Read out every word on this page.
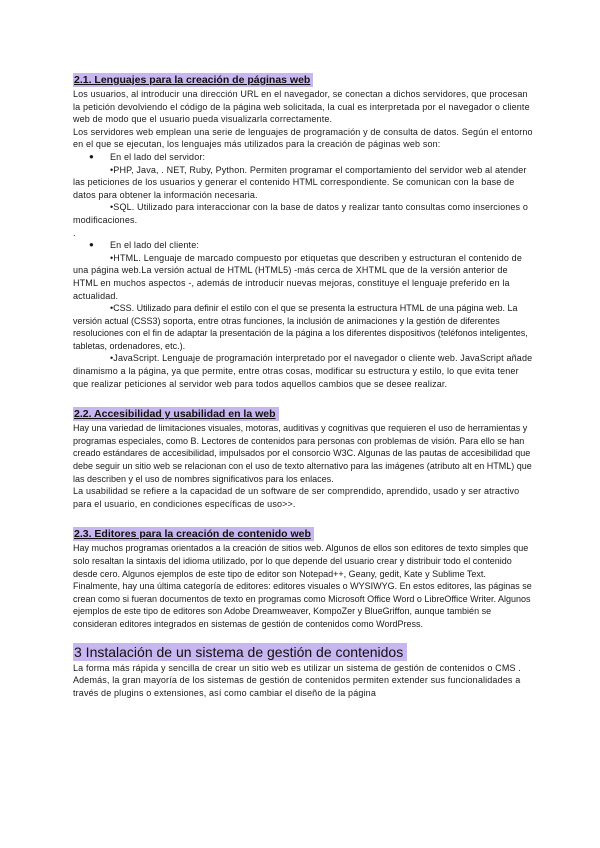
2.1. Lenguajes para la creación de páginas web

Los usuarios, al introducir una dirección URL en el navegador, se conectan a dichos servidores, que procesan la petición devolviendo el código de la página web solicitada, la cual es interpretada por el navegador o cliente web de modo que el usuario pueda visualizarla correctamente.

Los servidores web emplean una serie de lenguajes de programación y de consulta de datos. Según el entorno en el que se ejecutan, los lenguajes más utilizados para la creación de páginas web son:

● En el lado del servidor:

•PHP, Java, . NET, Ruby, Python. Permiten programar el comportamiento del servidor web al atender las peticiones de los usuarios y generar el contenido HTML correspondiente. Se comunican con la base de datos para obtener la información necesaria.

•SQL. Utilizado para interaccionar con la base de datos y realizar tanto consultas como inserciones o modificaciones.

.

● En el lado del cliente:

•HTML. Lenguaje de marcado compuesto por etiquetas que describen y estructuran el contenido de una página web.La versión actual de HTML (HTML5) -más cerca de XHTML que de la versión anterior de HTML en muchos aspectos -, además de introducir nuevas mejoras, constituye el lenguaje preferido en la actualidad.

•CSS. Utilizado para definir el estilo con el que se presenta la estructura HTML de una página web. La versión actual (CSS3) soporta, entre otras funciones, la inclusión de animaciones y la gestión de diferentes resoluciones con el fin de adaptar la presentación de la página a los diferentes dispositivos (teléfonos inteligentes, tabletas, ordenadores, etc.).

•JavaScript. Lenguaje de programación interpretado por el navegador o cliente web. JavaScript añade dinamismo a la página, ya que permite, entre otras cosas, modificar su estructura y estilo, lo que evita tener que realizar peticiones al servidor web para todos aquellos cambios que se desee realizar.

2.2. Accesibilidad y usabilidad en la web

Hay una variedad de limitaciones visuales, motoras, auditivas y cognitivas que requieren el uso de herramientas y programas especiales, como B. Lectores de contenidos para personas con problemas de visión. Para ello se han creado estándares de accesibilidad, impulsados por el consorcio W3C. Algunas de las pautas de accesibilidad que debe seguir un sitio web se relacionan con el uso de texto alternativo para las imágenes (atributo alt en HTML) que las describen y el uso de nombres significativos para los enlaces.

La usabilidad se refiere a la capacidad de un software de ser comprendido, aprendido, usado y ser atractivo para el usuario, en condiciones específicas de uso>>.

2.3. Editores para la creación de contenido web

Hay muchos programas orientados a la creación de sitios web. Algunos de ellos son editores de texto simples que solo resaltan la sintaxis del idioma utilizado, por lo que depende del usuario crear y distribuir todo el contenido desde cero. Algunos ejemplos de este tipo de editor son Notepad++, Geany, gedit, Kate y Sublime Text. Finalmente, hay una última categoría de editores: editores visuales o WYSIWYG. En estos editores, las páginas se crean como si fueran documentos de texto en programas como Microsoft Office Word o LibreOffice Writer. Algunos ejemplos de este tipo de editores son Adobe Dreamweaver, KompoZer y BlueGriffon, aunque también se consideran editores integrados en sistemas de gestión de contenidos como WordPress.

3 Instalación de un sistema de gestión de contenidos

La forma más rápida y sencilla de crear un sitio web es utilizar un sistema de gestión de contenidos o CMS . Además, la gran mayoría de los sistemas de gestión de contenidos permiten extender sus funcionalidades a través de plugins o extensiones, así como cambiar el diseño de la página
